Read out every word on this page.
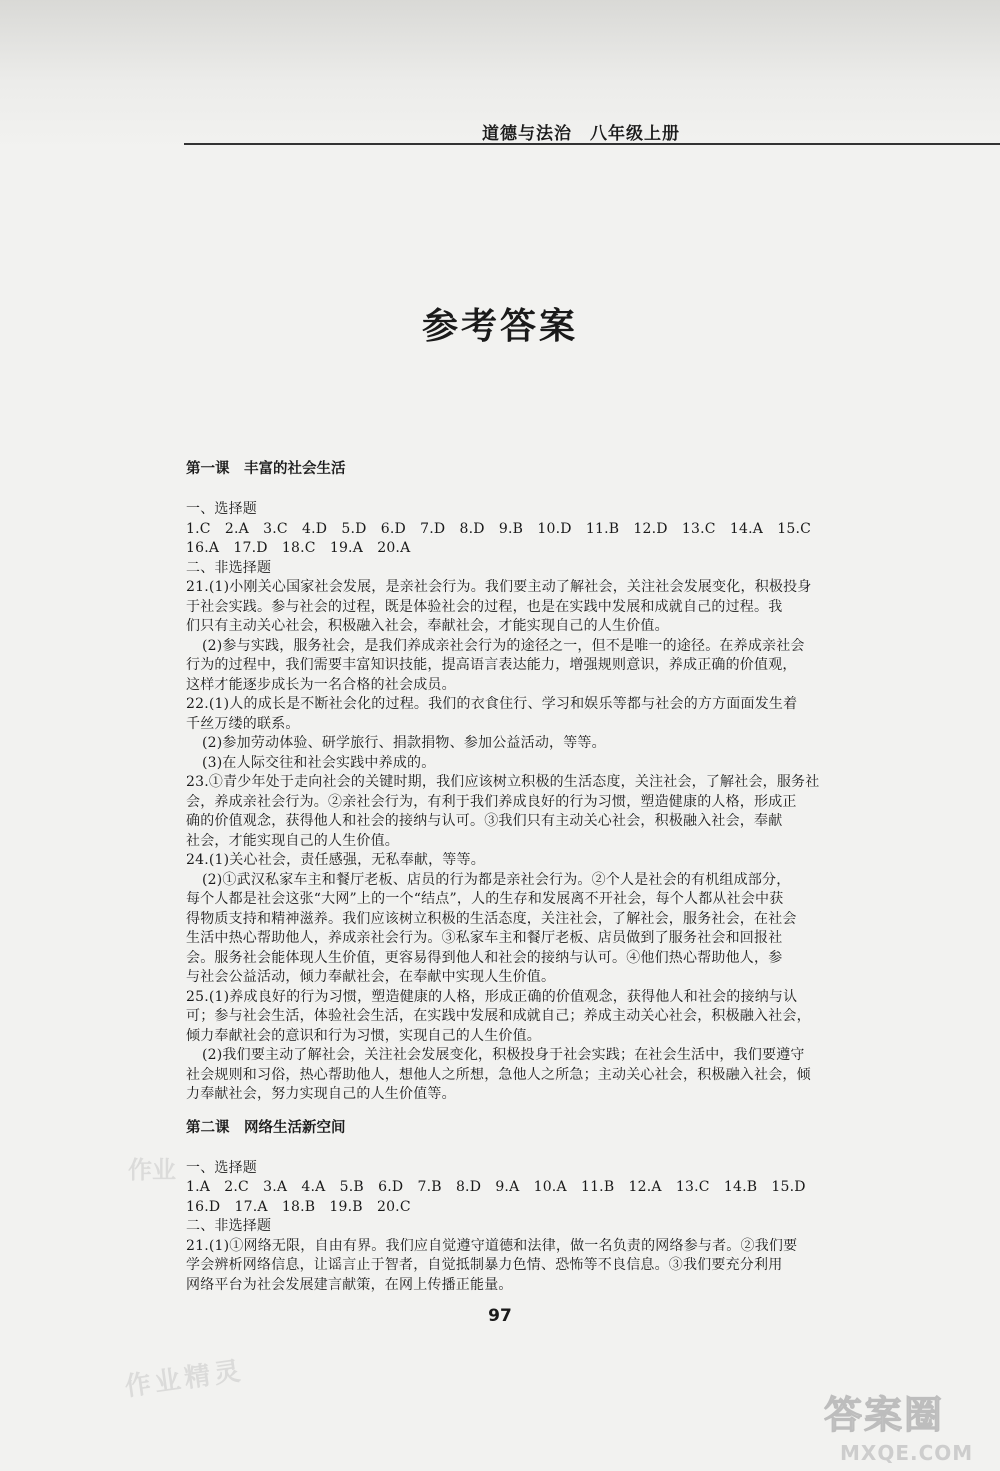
道德与法治　八年级上册
参考答案
第一课　丰富的社会生活
一、选择题
1.C　2.A　3.C　4.D　5.D　6.D　7.D　8.D　9.B　10.D　11.B　12.D　13.C　14.A　15.C
16.A　17.D　18.C　19.A　20.A
二、非选择题
21.(1)小刚关心国家社会发展，是亲社会行为。我们要主动了解社会，关注社会发展变化，积极投身
于社会实践。参与社会的过程，既是体验社会的过程，也是在实践中发展和成就自己的过程。我
们只有主动关心社会，积极融入社会，奉献社会，才能实现自己的人生价值。
(2)参与实践，服务社会，是我们养成亲社会行为的途径之一，但不是唯一的途径。在养成亲社会
行为的过程中，我们需要丰富知识技能，提高语言表达能力，增强规则意识，养成正确的价值观，
这样才能逐步成长为一名合格的社会成员。
22.(1)人的成长是不断社会化的过程。我们的衣食住行、学习和娱乐等都与社会的方方面面发生着
千丝万缕的联系。
(2)参加劳动体验、研学旅行、捐款捐物、参加公益活动，等等。
(3)在人际交往和社会实践中养成的。
23.①青少年处于走向社会的关键时期，我们应该树立积极的生活态度，关注社会，了解社会，服务社
会，养成亲社会行为。②亲社会行为，有利于我们养成良好的行为习惯，塑造健康的人格，形成正
确的价值观念，获得他人和社会的接纳与认可。③我们只有主动关心社会，积极融入社会，奉献
社会，才能实现自己的人生价值。
24.(1)关心社会，责任感强，无私奉献，等等。
(2)①武汉私家车主和餐厅老板、店员的行为都是亲社会行为。②个人是社会的有机组成部分，
每个人都是社会这张“大网”上的一个“结点”，人的生存和发展离不开社会，每个人都从社会中获
得物质支持和精神滋养。我们应该树立积极的生活态度，关注社会，了解社会，服务社会，在社会
生活中热心帮助他人，养成亲社会行为。③私家车主和餐厅老板、店员做到了服务社会和回报社
会。服务社会能体现人生价值，更容易得到他人和社会的接纳与认可。④他们热心帮助他人，参
与社会公益活动，倾力奉献社会，在奉献中实现人生价值。
25.(1)养成良好的行为习惯，塑造健康的人格，形成正确的价值观念，获得他人和社会的接纳与认
可；参与社会生活，体验社会生活，在实践中发展和成就自己；养成主动关心社会，积极融入社会，
倾力奉献社会的意识和行为习惯，实现自己的人生价值。
(2)我们要主动了解社会，关注社会发展变化，积极投身于社会实践；在社会生活中，我们要遵守
社会规则和习俗，热心帮助他人，想他人之所想，急他人之所急；主动关心社会，积极融入社会，倾
力奉献社会，努力实现自己的人生价值等。
第二课　网络生活新空间
一、选择题
1.A　2.C　3.A　4.A　5.B　6.D　7.B　8.D　9.A　10.A　11.B　12.A　13.C　14.B　15.D
16.D　17.A　18.B　19.B　20.C
二、非选择题
21.(1)①网络无限，自由有界。我们应自觉遵守道德和法律，做一名负责的网络参与者。②我们要
学会辨析网络信息，让谣言止于智者，自觉抵制暴力色情、恐怖等不良信息。③我们要充分利用
网络平台为社会发展建言献策，在网上传播正能量。
97
作业
作业精灵
答案圈
MXQE.COM
